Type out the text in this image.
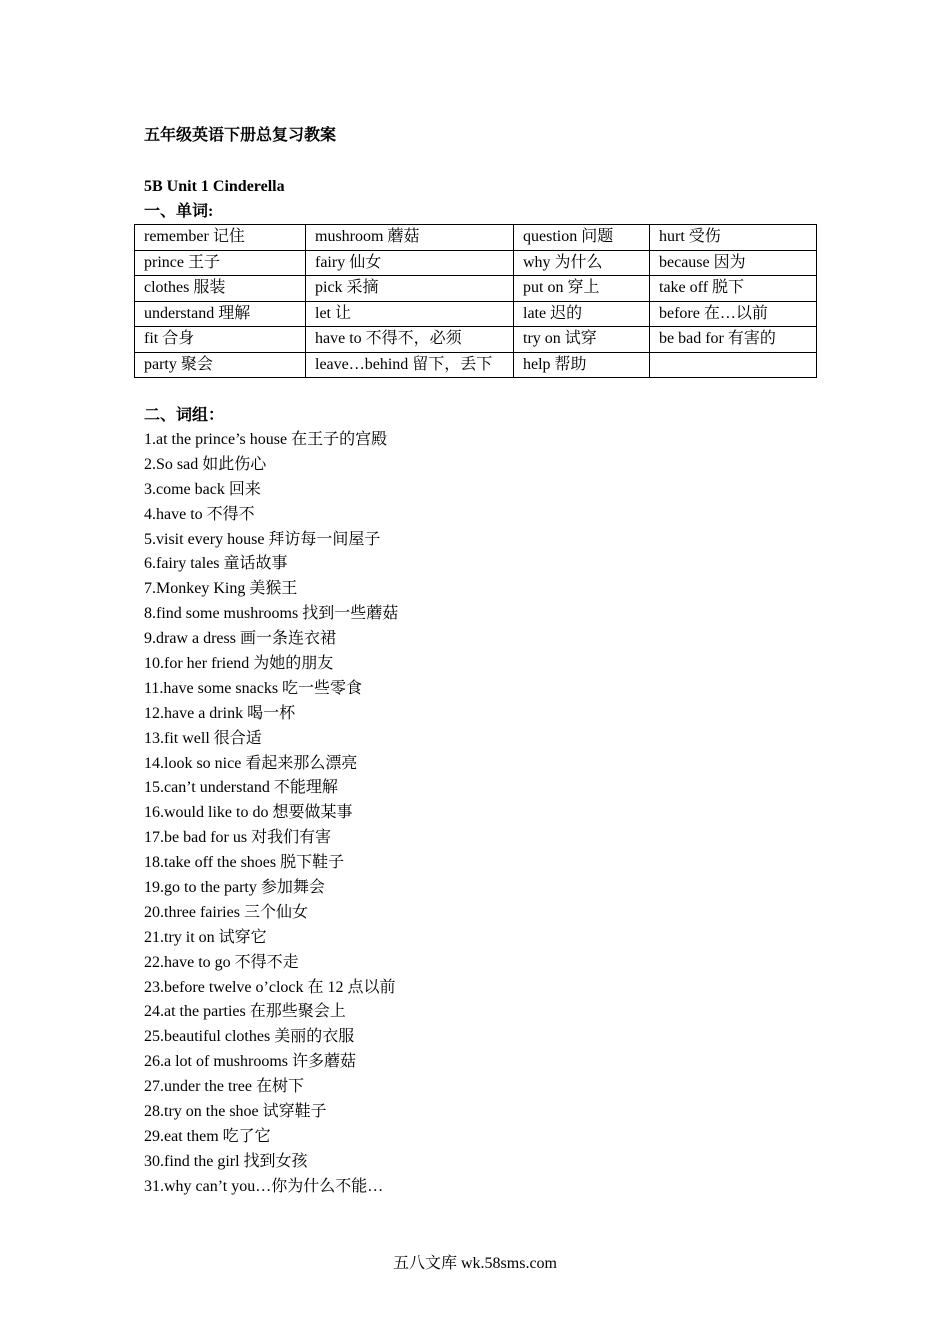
五年级英语下册总复习教案
5B Unit 1 Cinderella
一、单词:
remember 记住	mushroom 蘑菇	question 问题	hurt 受伤
prince 王子	fairy 仙女	why 为什么	because 因为
clothes 服装	pick 采摘	put on 穿上	take off 脱下
understand 理解	let 让	late 迟的	before 在…以前
fit 合身	have to 不得不，必须	try on 试穿	be bad for 有害的
party 聚会	leave…behind 留下，丢下	help 帮助	
二、词组：
1.at the prince’s house 在王子的宫殿
2.So sad 如此伤心
3.come back 回来
4.have to 不得不
5.visit every house 拜访每一间屋子
6.fairy tales 童话故事
7.Monkey King 美猴王
8.find some mushrooms 找到一些蘑菇
9.draw a dress 画一条连衣裙
10.for her friend 为她的朋友
11.have some snacks 吃一些零食
12.have a drink 喝一杯
13.fit well 很合适
14.look so nice 看起来那么漂亮
15.can’t understand 不能理解
16.would like to do 想要做某事
17.be bad for us 对我们有害
18.take off the shoes 脱下鞋子
19.go to the party 参加舞会
20.three fairies 三个仙女
21.try it on 试穿它
22.have to go 不得不走
23.before twelve o’clock 在 12 点以前
24.at the parties 在那些聚会上
25.beautiful clothes 美丽的衣服
26.a lot of mushrooms 许多蘑菇
27.under the tree 在树下
28.try on the shoe 试穿鞋子
29.eat them 吃了它
30.find the girl 找到女孩
31.why can’t you…你为什么不能…
五八文库 wk.58sms.com
